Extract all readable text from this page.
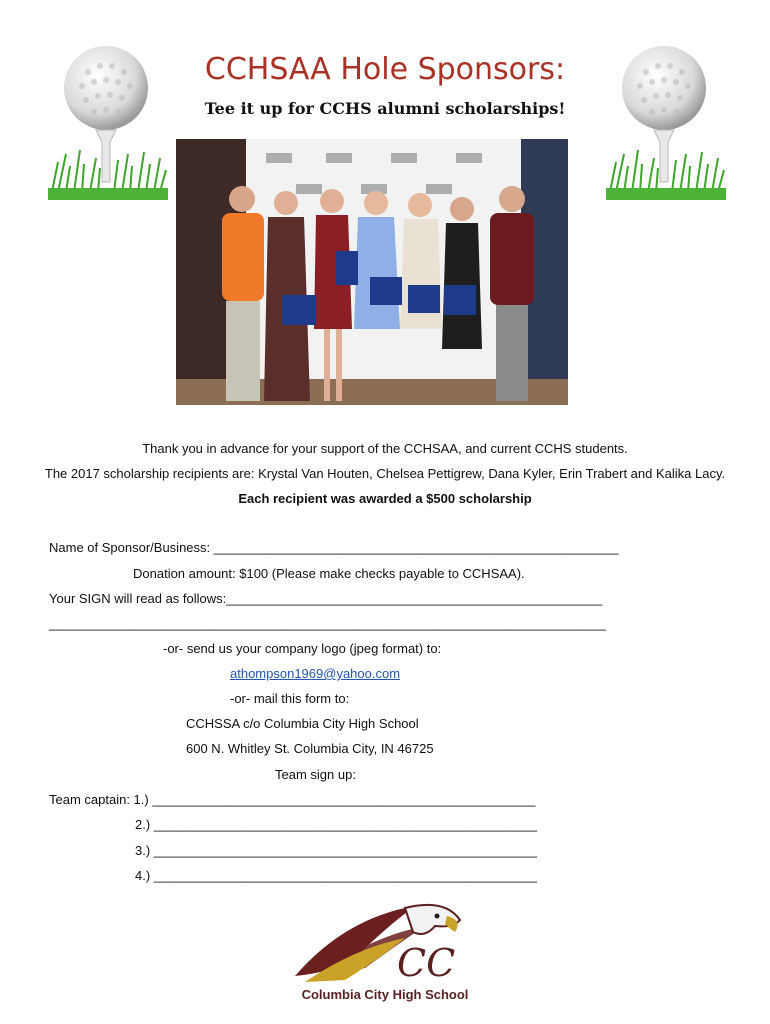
CCHSAA Hole Sponsors:
Tee it up for CCHS alumni scholarships!
Thank you in advance for your support of the CCHSAA, and current CCHS students.
The 2017 scholarship recipients are: Krystal Van Houten, Chelsea Pettigrew, Dana Kyler, Erin Trabert and Kalika Lacy.
Each recipient was awarded a $500 scholarship
Name of Sponsor/Business: ________________________________________________________
Donation amount: $100 (Please make checks payable to CCHSAA).
Your SIGN will read as follows:____________________________________________________
_____________________________________________________________________________
-or- send us your company logo (jpeg format) to:
athompson1969@yahoo.com
-or- mail this form to:
CCHSSA c/o Columbia City High School
600 N. Whitley St. Columbia City, IN 46725
Team sign up:
Team captain: 1.) _____________________________________________________
2.) _____________________________________________________
3.) _____________________________________________________
4.) _____________________________________________________
CC
Columbia City High School
